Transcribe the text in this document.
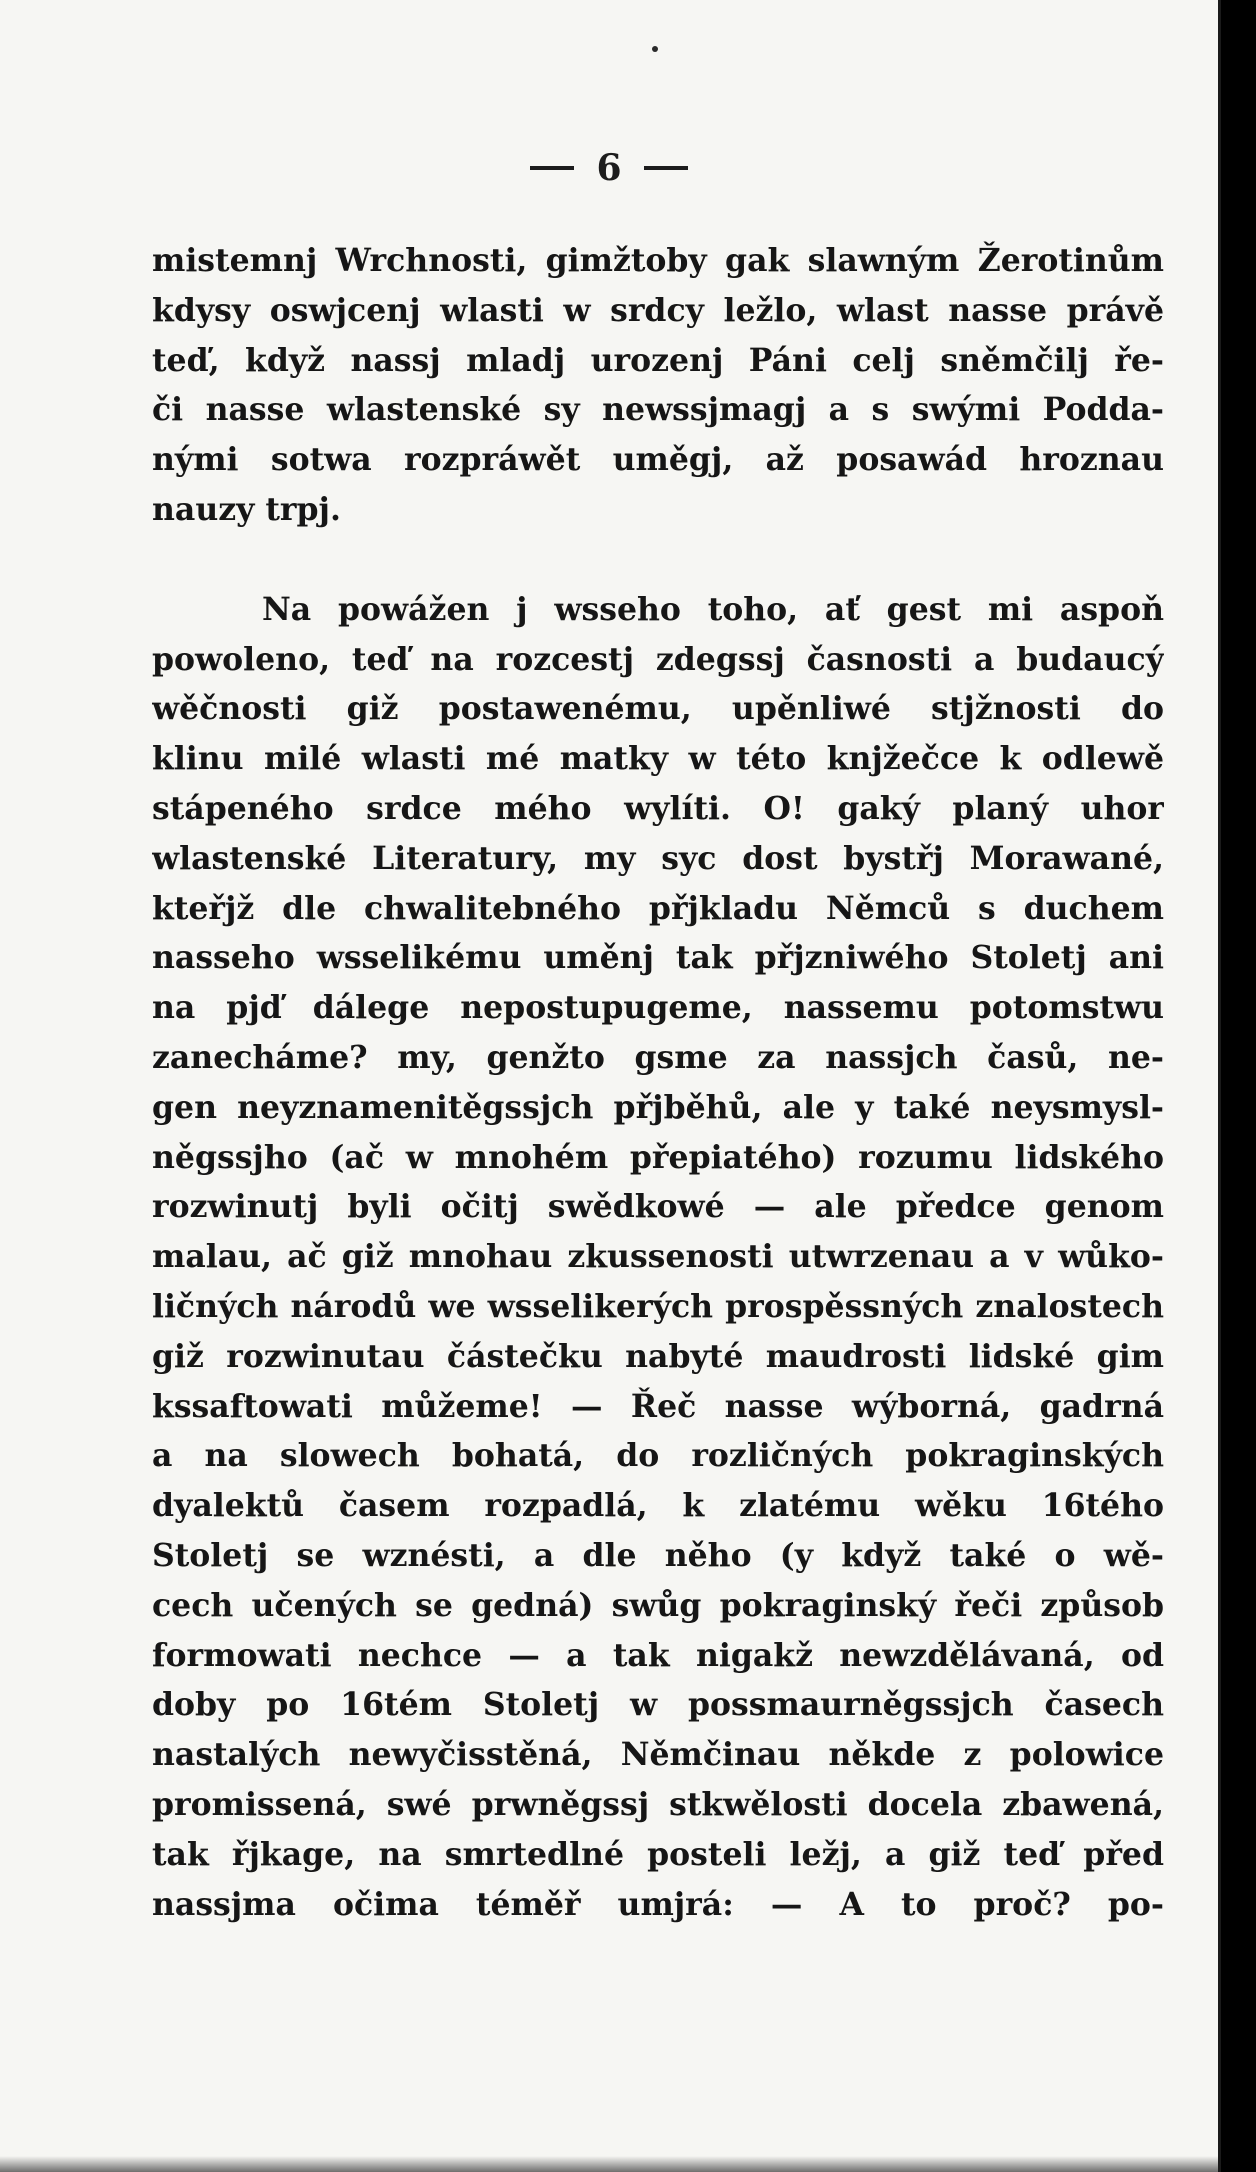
6
mistemnj Wrchnosti, gimžtoby gak slawným Žerotinům
kdysy oswjcenj wlasti w srdcy ležlo, wlast nasse právě
teď, když nassj mladj urozenj Páni celj sněmčilj ře-
či nasse wlastenské sy newssjmagj a s swými Podda-
nými sotwa rozpráwět uměgj, až posawád hroznau
nauzy trpj.
Na powážen j wsseho toho, ať gest mi aspoň
powoleno, teď na rozcestj zdegssj časnosti a budaucý
wěčnosti giž postawenému, upěnliwé stjžnosti do
klinu milé wlasti mé matky w této knjžečce k odlewě
stápeného srdce mého wylíti. O! gaký planý uhor
wlastenské Literatury, my syc dost bystřj Morawané,
kteřjž dle chwalitebného přjkladu Němců s duchem
nasseho wsselikému uměnj tak přjzniwého Stoletj ani
na pjď dálege nepostupugeme, nassemu potomstwu
zanecháme? my, genžto gsme za nassjch časů, ne-
gen neyznamenitěgssjch přjběhů, ale y také neysmysl-
něgssjho (ač w mnohém přepiatého) rozumu lidského
rozwinutj byli očitj swědkowé — ale předce genom
malau, ač giž mnohau zkussenosti utwrzenau a v wůko-
ličných národů we wsselikerých prospěssných znalostech
giž rozwinutau částečku nabyté maudrosti lidské gim
kssaftowati můžeme! — Řeč nasse wýborná, gadrná
a na slowech bohatá, do rozličných pokraginských
dyalektů časem rozpadlá, k zlatému wěku 16tého
Stoletj se wznésti, a dle něho (y když také o wě-
cech učených se gedná) swůg pokraginský řeči způsob
formowati nechce — a tak nigakž newzdělávaná, od
doby po 16tém Stoletj w possmaurněgssjch časech
nastalých newyčisstěná, Němčinau někde z polowice
promissená, swé prwněgssj stkwělosti docela zbawená,
tak řjkage, na smrtedlné posteli ležj, a giž teď před
nassjma očima téměř umjrá: — A to proč? po-
